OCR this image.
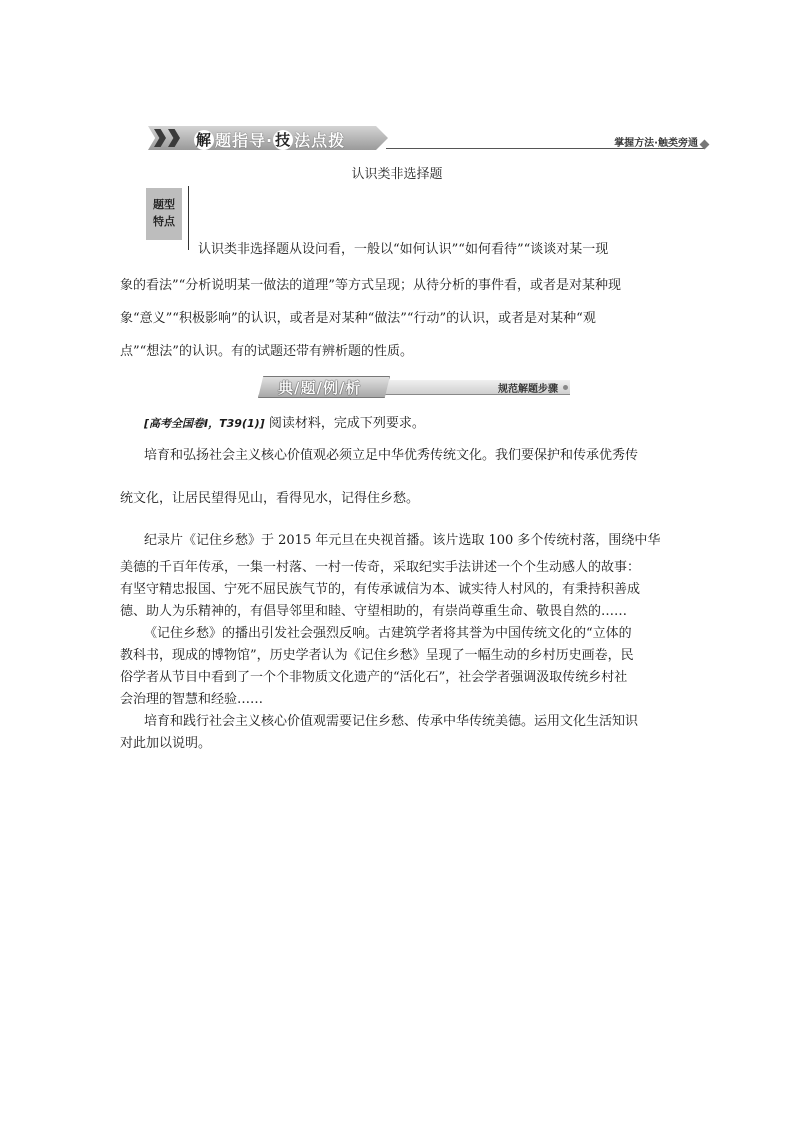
解 题指导· 技 法点拨	掌握方法·触类旁通
认识类非选择题
题型
特点
认识类非选择题从设问看，一般以“如何认识”“如何看待”“谈谈对某一现
象的看法”“分析说明某一做法的道理”等方式呈现；从待分析的事件看，或者是对某种现
象“意义”“积极影响”的认识，或者是对某种“做法”“行动”的认识，或者是对某种“观
点”“想法”的认识。有的试题还带有辨析题的性质。
典/题/例/析	规范解题步骤
[高考全国卷Ⅰ，T39(1)] 阅读材料，完成下列要求。
培育和弘扬社会主义核心价值观必须立足中华优秀传统文化。我们要保护和传承优秀传
统文化，让居民望得见山，看得见水，记得住乡愁。
纪录片《记住乡愁》于 2015 年元旦在央视首播。该片选取 100 多个传统村落，围绕中华
美德的千百年传承，一集一村落、一村一传奇，采取纪实手法讲述一个个生动感人的故事：
有坚守精忠报国、宁死不屈民族气节的，有传承诚信为本、诚实待人村风的，有秉持积善成
德、助人为乐精神的，有倡导邻里和睦、守望相助的，有崇尚尊重生命、敬畏自然的……
《记住乡愁》的播出引发社会强烈反响。古建筑学者将其誉为中国传统文化的“立体的
教科书，现成的博物馆”，历史学者认为《记住乡愁》呈现了一幅生动的乡村历史画卷，民
俗学者从节目中看到了一个个非物质文化遗产的“活化石”，社会学者强调汲取传统乡村社
会治理的智慧和经验……
培育和践行社会主义核心价值观需要记住乡愁、传承中华传统美德。运用文化生活知识
对此加以说明。
